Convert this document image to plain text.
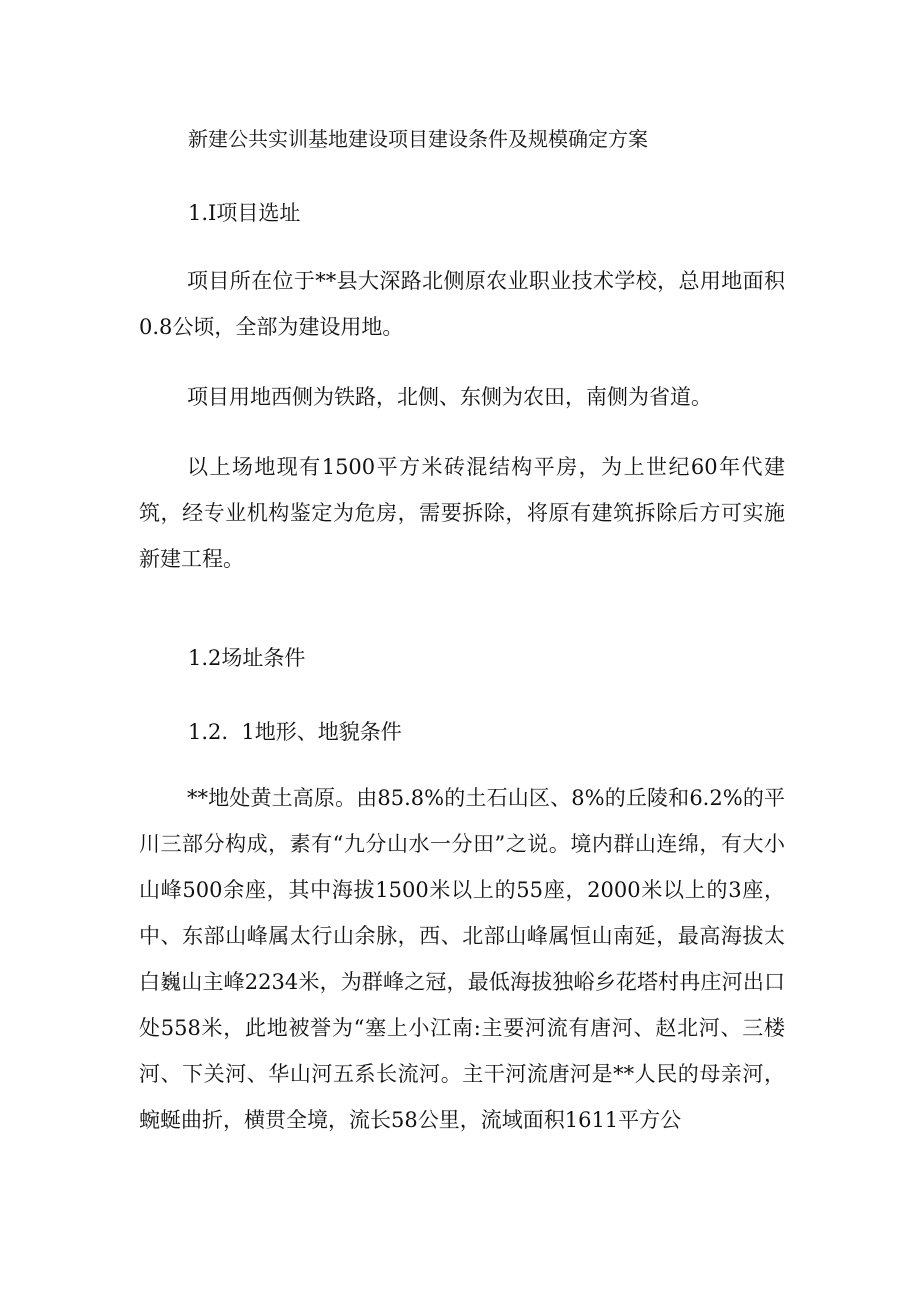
新建公共实训基地建设项目建设条件及规模确定方案
1.I项目选址

项目所在位于**县大深路北侧原农业职业技术学校，总用地面积0.8公顷，全部为建设用地。

项目用地西侧为铁路，北侧、东侧为农田，南侧为省道。

以上场地现有1500平方米砖混结构平房，为上世纪60年代建筑，经专业机构鉴定为危房，需要拆除，将原有建筑拆除后方可实施新建工程。

1.2场址条件
1.2.  1地形、地貌条件

**地处黄土高原。由85.8%的土石山区、8%的丘陵和6.2%的平川三部分构成，素有“九分山水一分田”之说。境内群山连绵，有大小山峰500余座，其中海拔1500米以上的55座，2000米以上的3座，中、东部山峰属太行山余脉，西、北部山峰属恒山南延，最高海拔太白巍山主峰2234米，为群峰之冠，最低海拔独峪乡花塔村冉庄河出口处558米，此地被誉为“塞上小江南:主要河流有唐河、赵北河、三楼河、下关河、华山河五系长流河。主干河流唐河是**人民的母亲河，蜿蜒曲折，横贯全境，流长58公里，流域面积1611平方公
